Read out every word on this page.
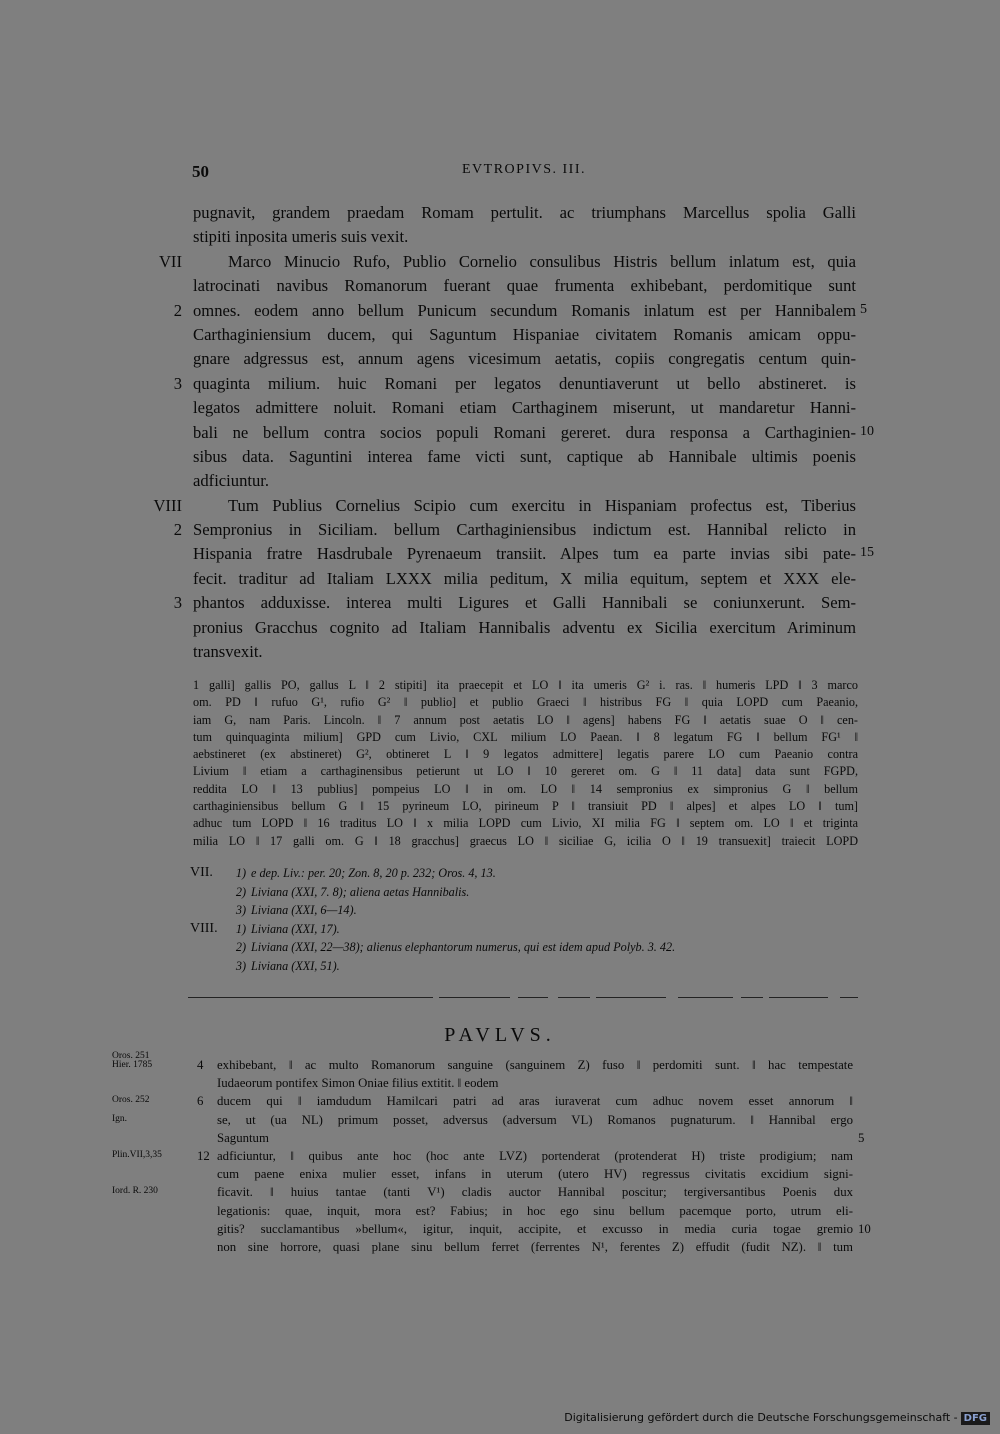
50	EVTROPIVS. III.
pugnavit, grandem praedam Romam pertulit. ac triumphans Marcellus spolia Galli
stipiti inposita umeris suis vexit.
VII	Marco Minucio Rufo, Publio Cornelio consulibus Histris bellum inlatum est, quia
latrocinati navibus Romanorum fuerant quae frumenta exhibebant, perdomitique sunt
2 omnes. eodem anno bellum Punicum secundum Romanis inlatum est per Hannibalem 5
Carthaginiensium ducem, qui Saguntum Hispaniae civitatem Romanis amicam oppu-
gnare adgressus est, annum agens vicesimum aetatis, copiis congregatis centum quin-
3 quaginta milium. huic Romani per legatos denuntiaverunt ut bello abstineret. is
legatos admittere noluit. Romani etiam Carthaginem miserunt, ut mandaretur Hanni-
bali ne bellum contra socios populi Romani gereret. dura responsa a Carthaginien- 10
sibus data. Saguntini interea fame victi sunt, captique ab Hannibale ultimis poenis
adficiuntur.
VIII	Tum Publius Cornelius Scipio cum exercitu in Hispaniam profectus est, Tiberius
2 Sempronius in Siciliam. bellum Carthaginiensibus indictum est. Hannibal relicto in
Hispania fratre Hasdrubale Pyrenaeum transiit. Alpes tum ea parte invias sibi pate- 15
fecit. traditur ad Italiam LXXX milia peditum, X milia equitum, septem et XXX ele-
3 phantos adduxisse. interea multi Ligures et Galli Hannibali se coniunxerunt. Sem-
pronius Gracchus cognito ad Italiam Hannibalis adventu ex Sicilia exercitum Ariminum
transvexit.
1 galli] gallis PO, gallus L ‖ 2 stipiti] ita praecepit et LO ‖ ita umeris G² i. ras. ‖ humeris LPD ‖ 3 marco
om. PD ‖ rufuo G¹, rufio G² ‖ publio] et publio Graeci ‖ histribus FG ‖ quia LOPD cum Paeanio,
iam G, nam Paris. Lincoln. ‖ 7 annum post aetatis LO ‖ agens] habens FG ‖ aetatis suae O ‖ cen-
tum quinquaginta milium] GPD cum Livio, CXL milium LO Paean. ‖ 8 legatum FG ‖ bellum FG¹ ‖
aebstineret (ex abstineret) G², obtineret L ‖ 9 legatos admittere] legatis parere LO cum Paeanio contra
Livium ‖ etiam a carthaginensibus petierunt ut LO ‖ 10 gereret om. G ‖ 11 data] data sunt FGPD,
reddita LO ‖ 13 publius] pompeius LO ‖ in om. LO ‖ 14 sempronius ex simpronius G ‖ bellum
carthaginiensibus bellum G ‖ 15 pyrineum LO, pirineum P ‖ transiuit PD ‖ alpes] et alpes LO ‖ tum]
adhuc tum LOPD ‖ 16 traditus LO ‖ x milia LOPD cum Livio, XI milia FG ‖ septem om. LO ‖ et triginta
milia LO ‖ 17 galli om. G ‖ 18 gracchus] graecus LO ‖ siciliae G, icilia O ‖ 19 transuexit] traiecit LOPD
VII.	1) e dep. Liv.: per. 20; Zon. 8, 20 p. 232; Oros. 4, 13.
2) Liviana (XXI, 7. 8); aliena aetas Hannibalis.
3) Liviana (XXI, 6—14).
VIII.	1) Liviana (XXI, 17).
2) Liviana (XXI, 22—38); alienus elephantorum numerus, qui est idem apud Polyb. 3. 42.
3) Liviana (XXI, 51).
PAVLVS.
Oros. 251
Hier. 1785	4 exhibebant, ‖ ac multo Romanorum sanguine (sanguinem Z) fuso ‖ perdomiti sunt. ‖ hac tempestate
Iudaeorum pontifex Simon Oniae filius extitit. ‖ eodem
Oros. 252	6 ducem qui ‖ iamdudum Hamilcari patri ad aras iuraverat cum adhuc novem esset annorum ‖
Ign.	se, ut (ua NL) primum posset, adversus (adversum VL) Romanos pugnaturum. ‖ Hannibal ergo
Saguntum	5
Plin.VII,3,35	12 adficiuntur, ‖ quibus ante hoc (hoc ante LVZ) portenderat (protenderat H) triste prodigium; nam
cum paene enixa mulier esset, infans in uterum (utero HV) regressus civitatis excidium signi-
Iord. R. 230	ficavit. ‖ huius tantae (tanti V¹) cladis auctor Hannibal poscitur; tergiversantibus Poenis dux
legationis: quae, inquit, mora est? Fabius; in hoc ego sinu bellum pacemque porto, utrum eli-
gitis? succlamantibus »bellum«, igitur, inquit, accipite, et excusso in media curia togae gremio 10
non sine horrore, quasi plane sinu bellum ferret (ferrentes N¹, ferentes Z) effudit (fudit NZ). ‖ tum
Digitalisierung gefördert durch die Deutsche Forschungsgemeinschaft - DFG
